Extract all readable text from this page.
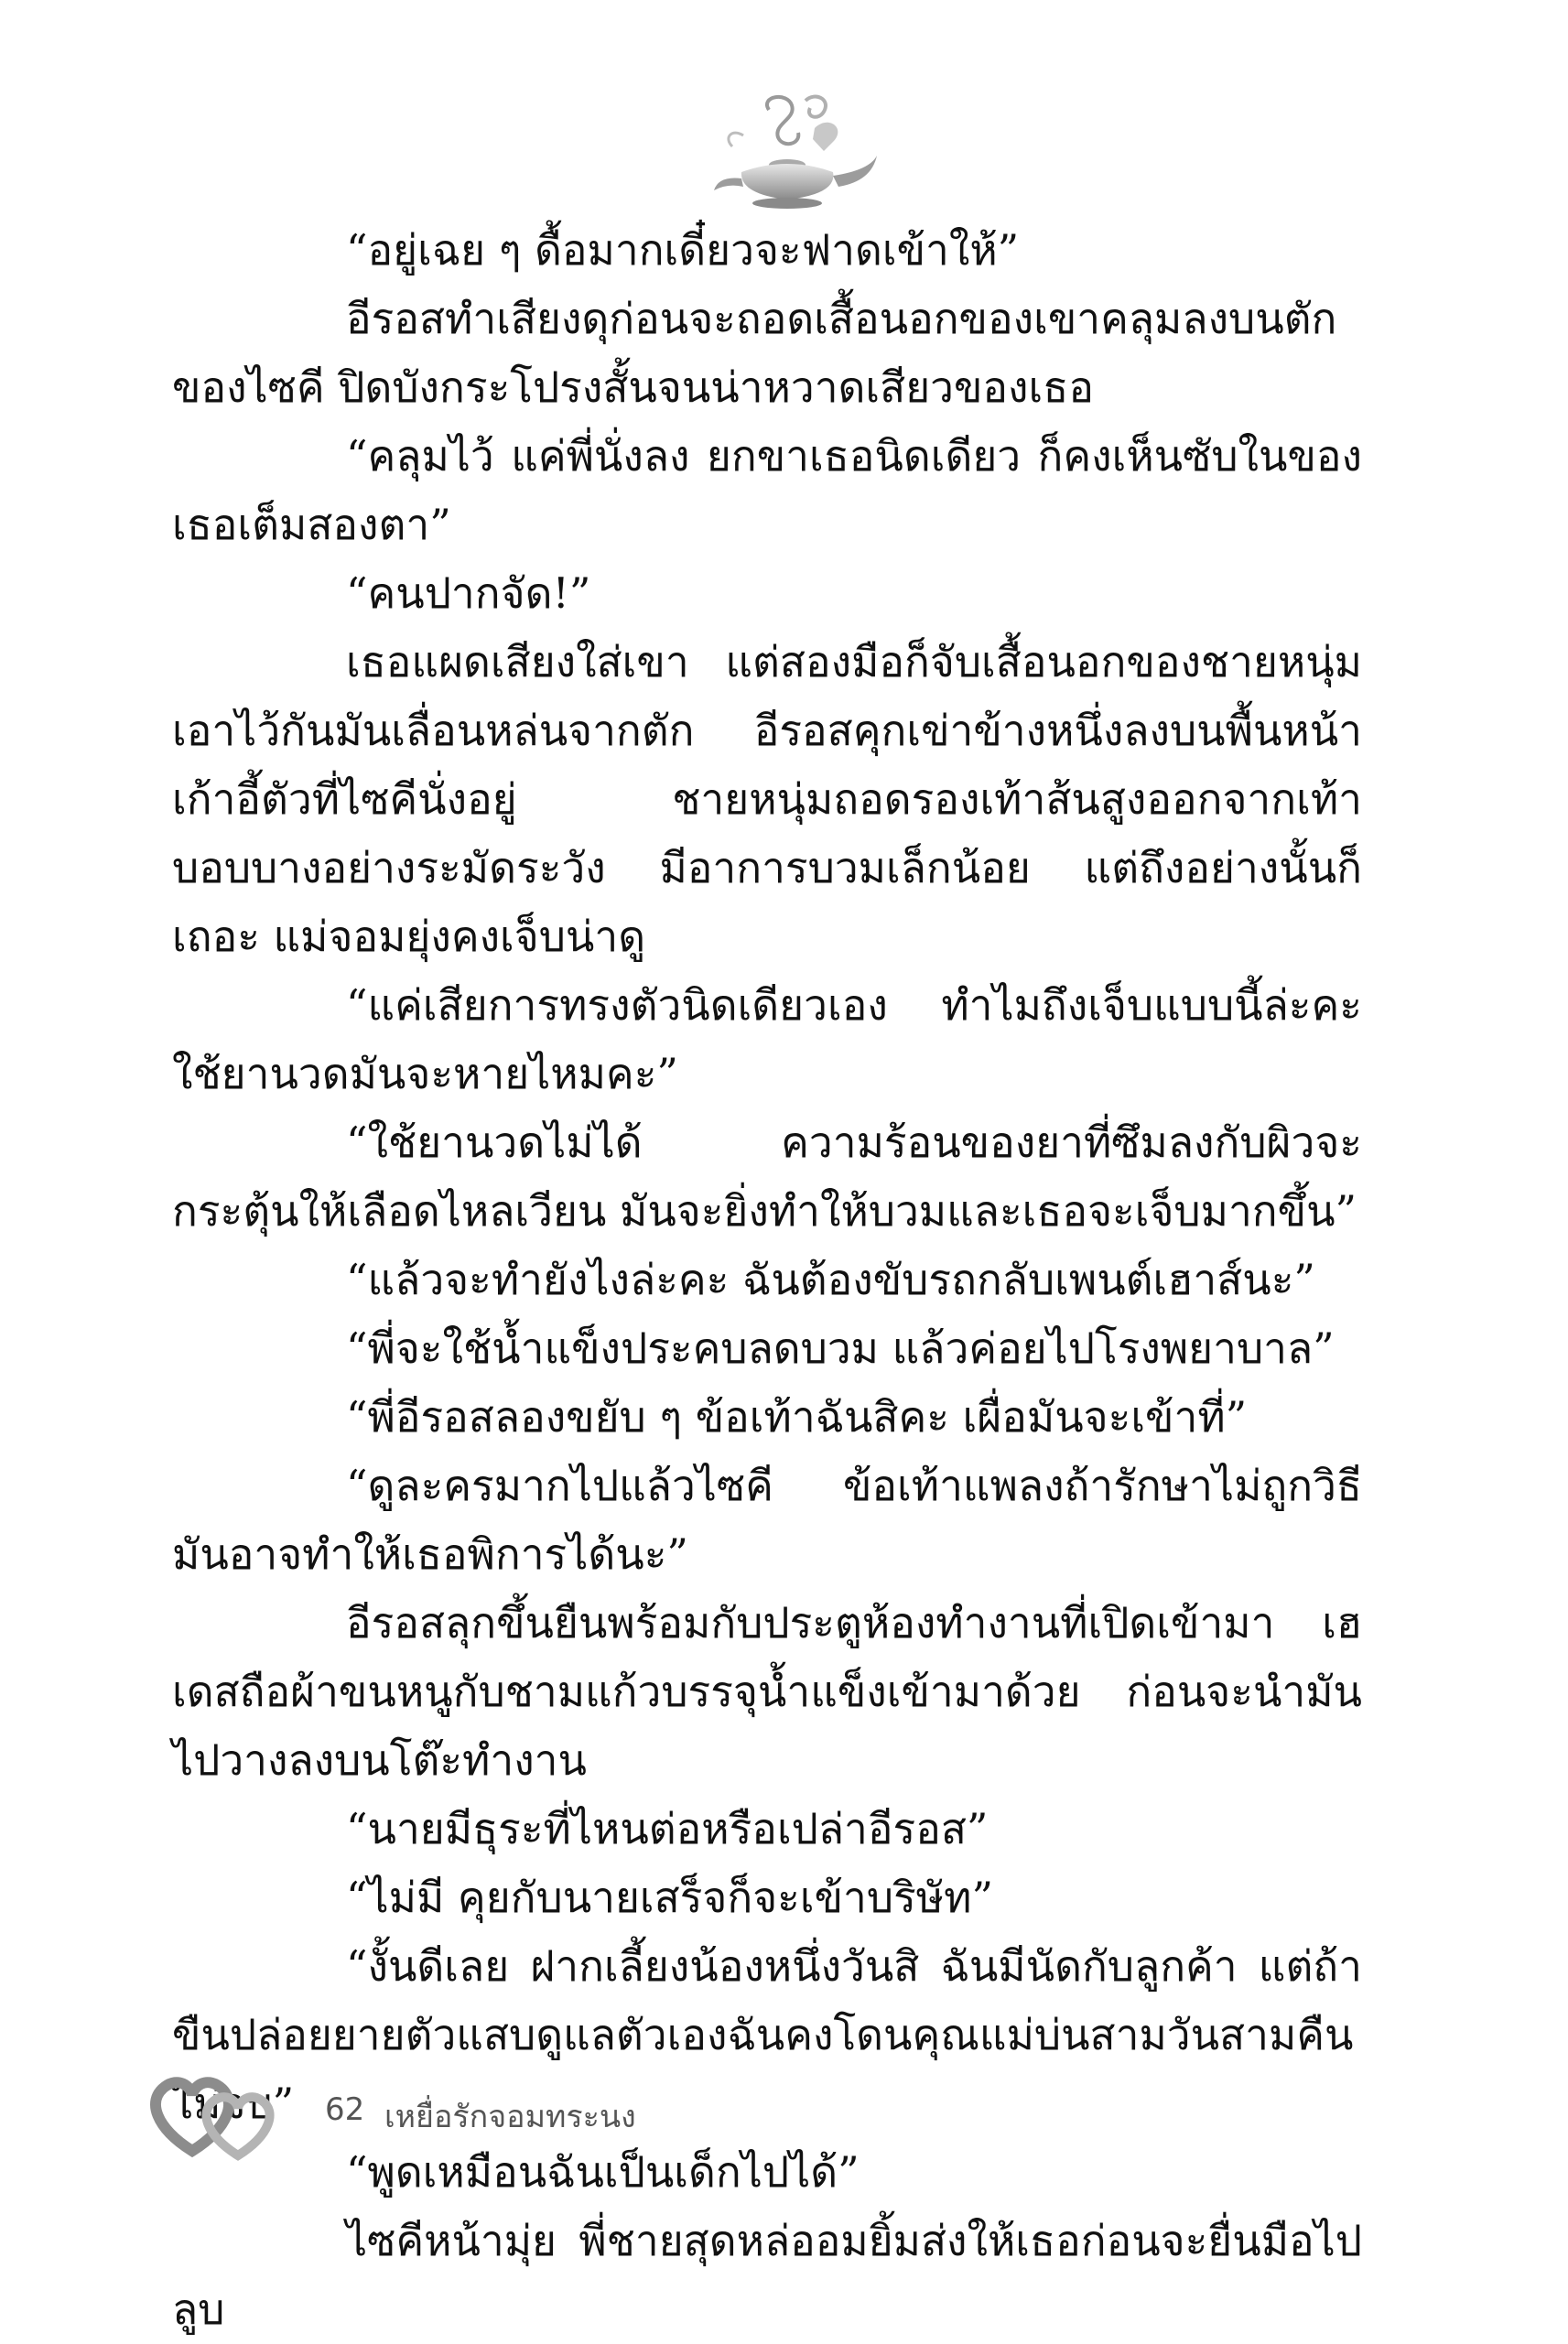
“อยู่เฉย ๆ ดื้อมากเดี๋ยวจะฟาดเข้าให้”

อีรอสทำเสียงดุก่อนจะถอดเสื้อนอกของเขาคลุมลงบนตักของไซคี ปิดบังกระโปรงสั้นจนน่าหวาดเสียวของเธอ

“คลุมไว้ แค่พี่นั่งลง ยกขาเธอนิดเดียว ก็คงเห็นซับในของเธอเต็มสองตา”

“คนปากจัด!”

เธอแผดเสียงใส่เขา แต่สองมือก็จับเสื้อนอกของชายหนุ่มเอาไว้กันมันเลื่อนหล่นจากตัก อีรอสคุกเข่าข้างหนึ่งลงบนพื้นหน้าเก้าอี้ตัวที่ไซคีนั่งอยู่ ชายหนุ่มถอดรองเท้าส้นสูงออกจากเท้าบอบบางอย่างระมัดระวัง มีอาการบวมเล็กน้อย แต่ถึงอย่างนั้นก็เถอะ แม่จอมยุ่งคงเจ็บน่าดู

“แค่เสียการทรงตัวนิดเดียวเอง ทำไมถึงเจ็บแบบนี้ล่ะคะ ใช้ยานวดมันจะหายไหมคะ”

“ใช้ยานวดไม่ได้ ความร้อนของยาที่ซึมลงกับผิวจะกระตุ้นให้เลือดไหลเวียน มันจะยิ่งทำให้บวมและเธอจะเจ็บมากขึ้น”

“แล้วจะทำยังไงล่ะคะ ฉันต้องขับรถกลับเพนต์เฮาส์นะ”

“พี่จะใช้น้ำแข็งประคบลดบวม แล้วค่อยไปโรงพยาบาล”

“พี่อีรอสลองขยับ ๆ ข้อเท้าฉันสิคะ เผื่อมันจะเข้าที่”

“ดูละครมากไปแล้วไซคี ข้อเท้าแพลงถ้ารักษาไม่ถูกวิธีมันอาจทำให้เธอพิการได้นะ”

อีรอสลุกขึ้นยืนพร้อมกับประตูห้องทำงานที่เปิดเข้ามา เฮเดสถือผ้าขนหนูกับชามแก้วบรรจุน้ำแข็งเข้ามาด้วย ก่อนจะนำมันไปวางลงบนโต๊ะทำงาน

“นายมีธุระที่ไหนต่อหรือเปล่าอีรอส”

“ไม่มี คุยกับนายเสร็จก็จะเข้าบริษัท”

“งั้นดีเลย ฝากเลี้ยงน้องหนึ่งวันสิ ฉันมีนัดกับลูกค้า แต่ถ้าขืนปล่อยยายตัวแสบดูแลตัวเองฉันคงโดนคุณแม่บ่นสามวันสามคืนไม่จบ”

“พูดเหมือนฉันเป็นเด็กไปได้”

ไซคีหน้ามุ่ย พี่ชายสุดหล่ออมยิ้มส่งให้เธอก่อนจะยื่นมือไปลูบ

62 เหยื่อรักจอมทระนง
